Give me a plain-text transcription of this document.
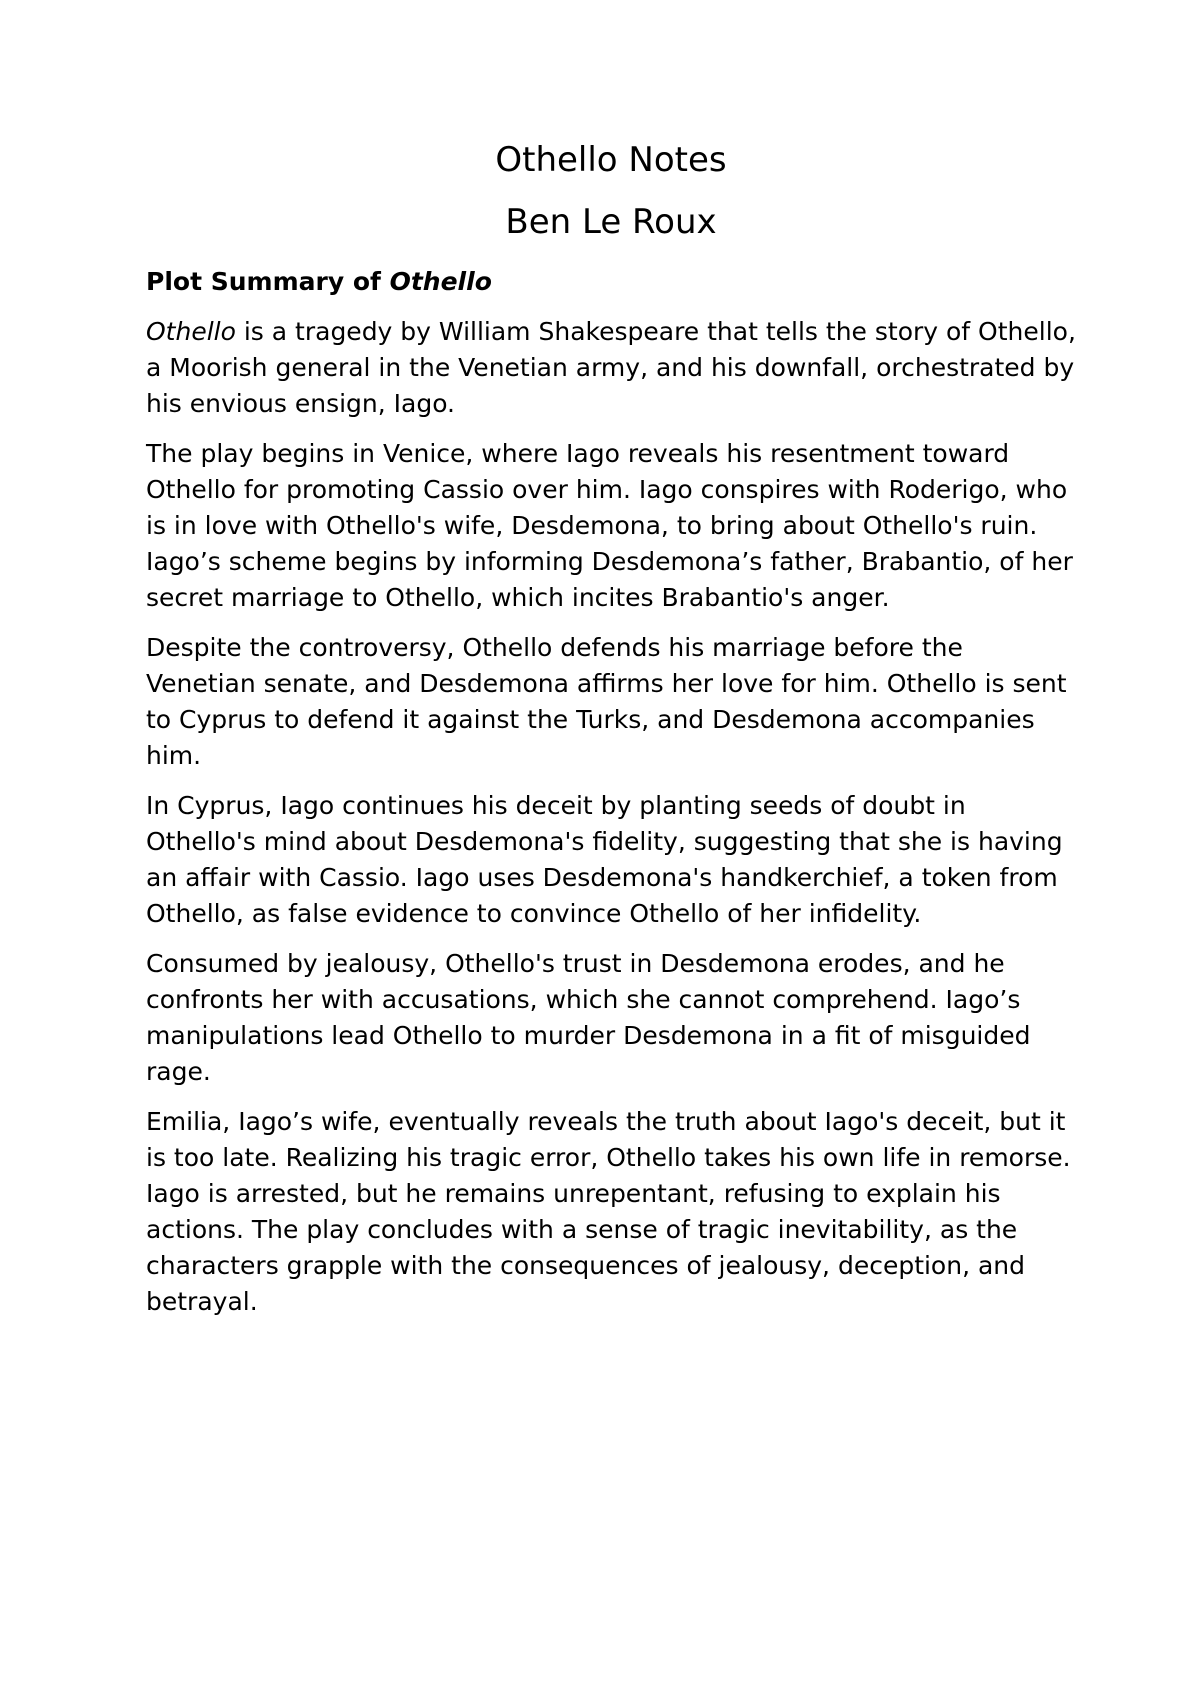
Othello Notes
Ben Le Roux
Plot Summary of Othello

Othello is a tragedy by William Shakespeare that tells the story of Othello, a Moorish general in the Venetian army, and his downfall, orchestrated by his envious ensign, Iago.

The play begins in Venice, where Iago reveals his resentment toward Othello for promoting Cassio over him. Iago conspires with Roderigo, who is in love with Othello's wife, Desdemona, to bring about Othello's ruin. Iago’s scheme begins by informing Desdemona’s father, Brabantio, of her secret marriage to Othello, which incites Brabantio's anger.

Despite the controversy, Othello defends his marriage before the Venetian senate, and Desdemona affirms her love for him. Othello is sent to Cyprus to defend it against the Turks, and Desdemona accompanies him.

In Cyprus, Iago continues his deceit by planting seeds of doubt in Othello's mind about Desdemona's fidelity, suggesting that she is having an affair with Cassio. Iago uses Desdemona's handkerchief, a token from Othello, as false evidence to convince Othello of her infidelity.

Consumed by jealousy, Othello's trust in Desdemona erodes, and he confronts her with accusations, which she cannot comprehend. Iago’s manipulations lead Othello to murder Desdemona in a fit of misguided rage.

Emilia, Iago’s wife, eventually reveals the truth about Iago's deceit, but it is too late. Realizing his tragic error, Othello takes his own life in remorse. Iago is arrested, but he remains unrepentant, refusing to explain his actions. The play concludes with a sense of tragic inevitability, as the characters grapple with the consequences of jealousy, deception, and betrayal.
